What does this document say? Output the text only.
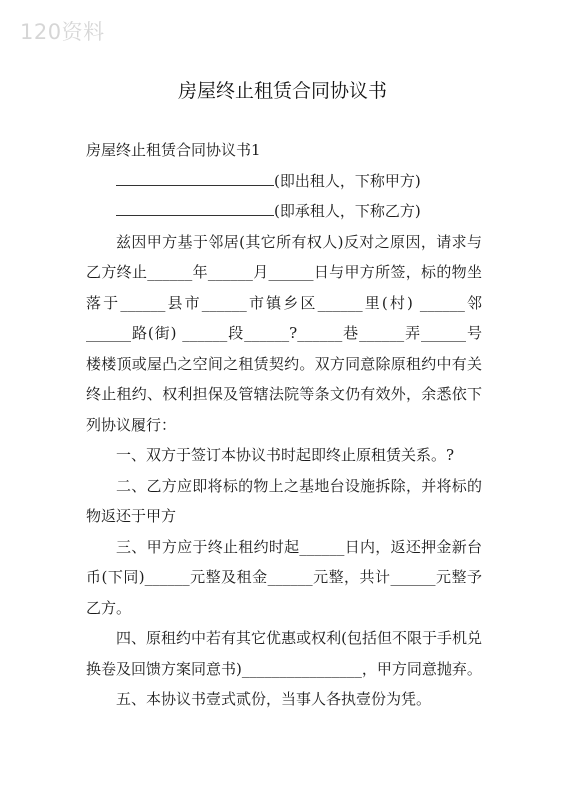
120资料
房屋终止租赁合同协议书

房屋终止租赁合同协议书1

(即出租人，下称甲方)

(即承租人，下称乙方)

兹因甲方基于邻居(其它所有权人)反对之原因，请求与乙方终止______年______月______日与甲方所签，标的物坐落于______县市______市镇乡区______里(村) ______邻______路(街) ______段______?______巷______弄______号楼楼顶或屋凸之空间之租赁契约。双方同意除原租约中有关终止租约、权利担保及管辖法院等条文仍有效外，余悉依下列协议履行：

一、双方于签订本协议书时起即终止原租赁关系。?

二、乙方应即将标的物上之基地台设施拆除，并将标的物返还于甲方

三、甲方应于终止租约时起______日内，返还押金新台币(下同)______元整及租金______元整，共计______元整予乙方。

四、原租约中若有其它优惠或权利(包括但不限于手机兑换卷及回馈方案同意书)________________，甲方同意抛弃。

五、本协议书壹式贰份，当事人各执壹份为凭。
